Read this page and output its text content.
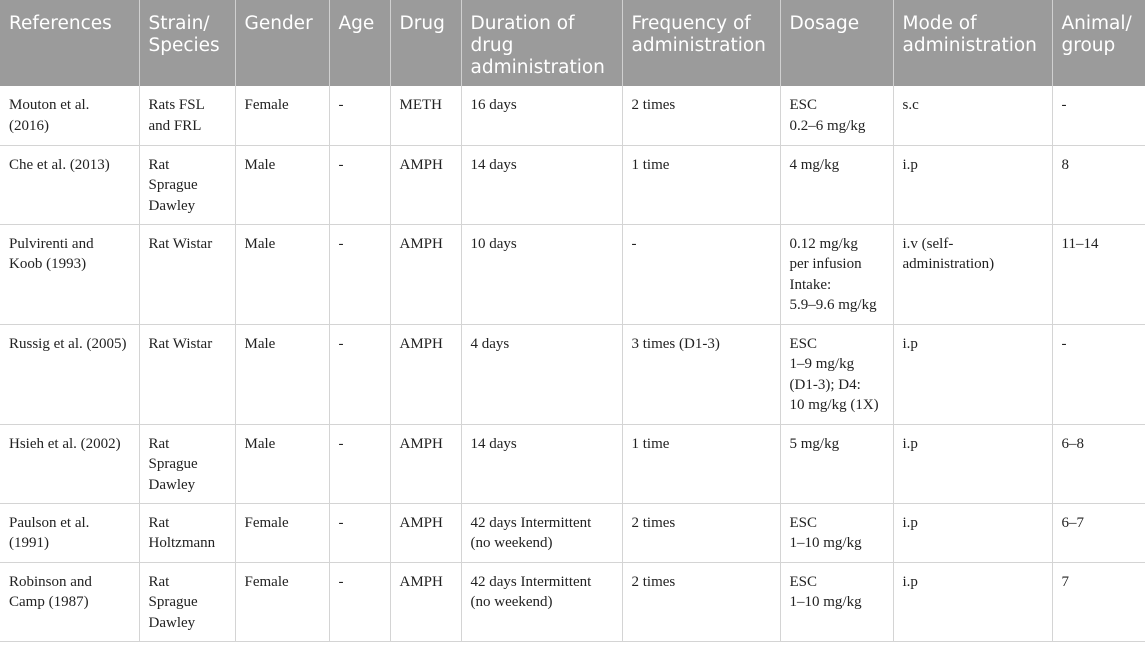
References	Strain/
Species	Gender	Age	Drug	Duration of
drug
administration	Frequency of
administration	Dosage	Mode of
administration	Animal/
group
Mouton et al.
(2016)	Rats FSL
and FRL	Female	-	METH	16 days	2 times	ESC
0.2–6 mg/kg	s.c	-
Che et al. (2013)	Rat
Sprague
Dawley	Male	-	AMPH	14 days	1 time	4 mg/kg	i.p	8
Pulvirenti and
Koob (1993)	Rat Wistar	Male	-	AMPH	10 days	-	0.12 mg/kg
per infusion
Intake:
5.9–9.6 mg/kg	i.v (self-
administration)	11–14
Russig et al. (2005)	Rat Wistar	Male	-	AMPH	4 days	3 times (D1-3)	ESC
1–9 mg/kg
(D1-3); D4:
10 mg/kg (1X)	i.p	-
Hsieh et al. (2002)	Rat
Sprague
Dawley	Male	-	AMPH	14 days	1 time	5 mg/kg	i.p	6–8
Paulson et al.
(1991)	Rat
Holtzmann	Female	-	AMPH	42 days Intermittent
(no weekend)	2 times	ESC
1–10 mg/kg	i.p	6–7
Robinson and
Camp (1987)	Rat
Sprague
Dawley	Female	-	AMPH	42 days Intermittent
(no weekend)	2 times	ESC
1–10 mg/kg	i.p	7
